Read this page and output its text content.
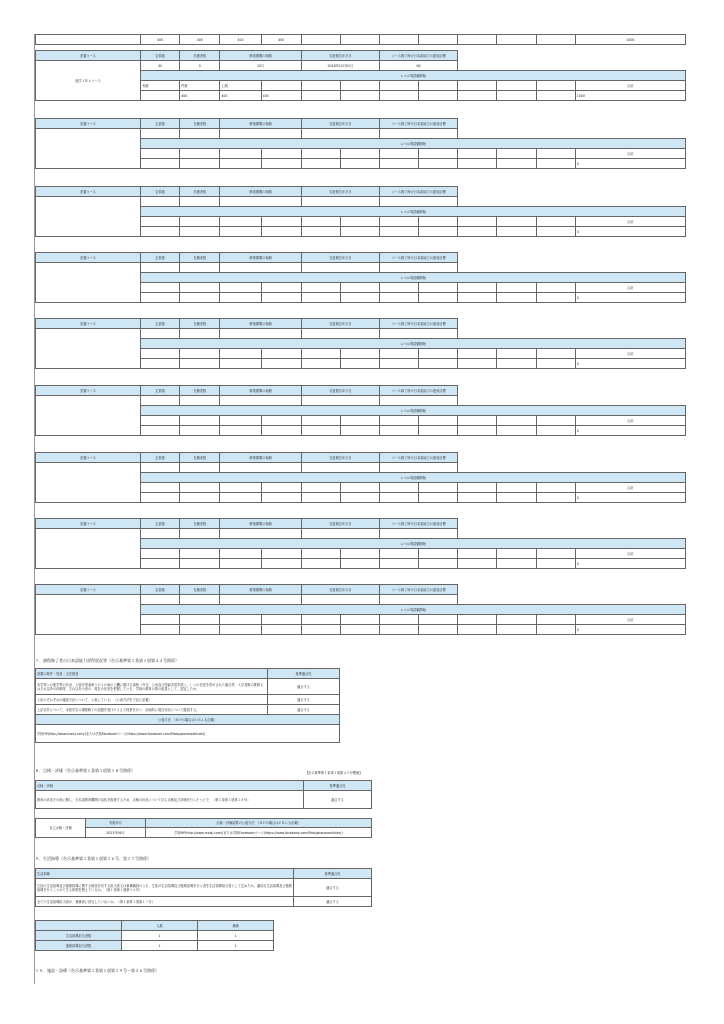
	400	400	400	400								1000
設置コース	定員数	在籍者数	修業期間の始期		変更報告年月日		コース修了時の日本語能力の達成目標					
進学１年６コース	40	0	10月		2018年10月01日		N2					
	レベル別試験開始											
	実績	件数	上期									合計
		400	400	400								1000
設置コース	定員数	在籍者数	修業期間の始期		変更報告年月日		コース修了時の日本語能力の達成目標					

	レベル別試験開始											
												合計
												0
設置コース	定員数	在籍者数	修業期間の始期		変更報告年月日		コース修了時の日本語能力の達成目標					

	レベル別試験開始											
												合計
												0
設置コース	定員数	在籍者数	修業期間の始期		変更報告年月日		コース修了時の日本語能力の達成目標					

	レベル別試験開始											
												合計
												0
設置コース	定員数	在籍者数	修業期間の始期		変更報告年月日		コース修了時の日本語能力の達成目標					

	レベル別試験開始											
												合計
												0
設置コース	定員数	在籍者数	修業期間の始期		変更報告年月日		コース修了時の日本語能力の達成目標					

	レベル別試験開始											
												合計
												0
設置コース	定員数	在籍者数	修業期間の始期		変更報告年月日		コース修了時の日本語能力の達成目標					

	レベル別試験開始											
												合計
												0
設置コース	定員数	在籍者数	修業期間の始期		変更報告年月日		コース修了時の日本語能力の達成目標					

	レベル別試験開始											
												合計
												0
設置コース	定員数	在籍者数	修業期間の始期		変更報告年月日		コース修了時の日本語能力の達成目標					

	レベル別試験開始											
												合計
												0
７．課程修了者の日本語能力習得状況等（告示基準第１条第１項第４４号関係）
設置の要件・役員・主任教員	基準適合性
本学等への進学等の状況、入管法別表第１の１の表の上欄に掲げる資格（外交、公用及び技能実習を除く。）への変更を許可された割合等、入学者数の推移又はそれ以外の体制等、それ以外の者の、現在の状況を把握している、学校の教育の質の改善として、認定したか。	適合する
上記のそれぞれの確認方法について、公表している。（公表方法を下記に記載）	適合する
上記以外について、本校学生の課程修了の話題を受けたうえで授業を行い、計画的に現在状況について確認する。	適合する
公表方法　（ＨＰの場合はＵＲＬも記載）	
学校HP(http://www.maisj.com/)または学校Facebookページ(https://www.facebook.com/Maisjapanesestitute/)	
８．点検・評価（告示基準第１条第１項第１８号関係）	【告示基準第１条第１項第４５号関係】
点検・評価	基準適合性
教育の状況その他に関し、日本語教育機関の活性を推進するため、点検の状況について自ら点検及び評価を行ったうえで、（第１条第１項第１８号）	適合する
自己点検・評価	実施年月	点検・評価結果の公表方法　（ＨＰの場合はＵＲＬも記載）
	2023年06月	学校HP(http://www.maisj.com/)または学校Facebookページ(https://www.facebook.com/Maisjapanesestitute/)
９．生活指導（告示基準第１条第１項第１６号、第１７号関係）
生活指導	基準適合性
生徒の生活指導及び進路指導に関する相談を有する担当者又は事務職員のうち、生徒の生活指導及び進路指導を行う者を生活指導担当者として定めたか。適切な生活指導及び進路指導を行うことができる体制を整えているか。（第１条第１項第１６号）	適合する
全ての生活指導担当者が、兼務者に該当していないか。（第１条第１項第１７号）	適合する
	人数	兼務
生活指導担当者数	1	1
進路指導担当者数	1	1
１０．施設・設備（告示基準第１条第１項第１９号〜第２６号関係）
